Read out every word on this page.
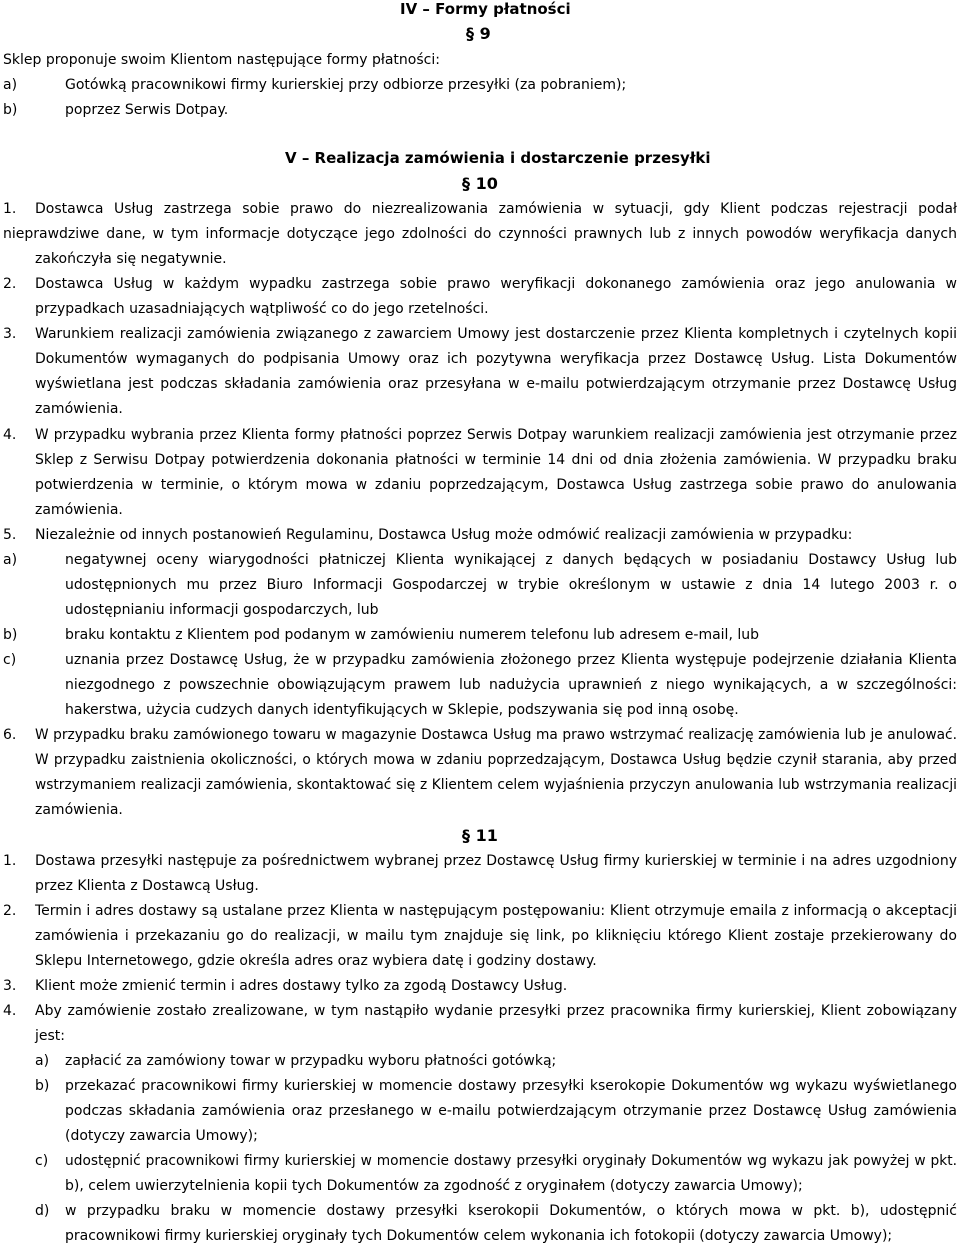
IV – Formy płatności
§ 9
Sklep proponuje swoim Klientom następujące formy płatności:
a)	Gotówką pracownikowi firmy kurierskiej przy odbiorze przesyłki (za pobraniem);
b)	poprzez Serwis Dotpay.
V – Realizacja zamówienia i dostarczenie przesyłki
§ 10
1. Dostawca Usług zastrzega sobie prawo do niezrealizowania zamówienia w sytuacji, gdy Klient podczas rejestracji podał
nieprawdziwe dane, w tym informacje dotyczące jego zdolności do czynności prawnych lub z innych powodów weryfikacja danych
zakończyła się negatywnie.
2. Dostawca Usług w każdym wypadku zastrzega sobie prawo weryfikacji dokonanego zamówienia oraz jego anulowania w
przypadkach uzasadniających wątpliwość co do jego rzetelności.
3. Warunkiem realizacji zamówienia związanego z zawarciem Umowy jest dostarczenie przez Klienta kompletnych i czytelnych kopii
Dokumentów wymaganych do podpisania Umowy oraz ich pozytywna weryfikacja przez Dostawcę Usług. Lista Dokumentów
wyświetlana jest podczas składania zamówienia oraz przesyłana w e-mailu potwierdzającym otrzymanie przez Dostawcę Usług
zamówienia.
4. W przypadku wybrania przez Klienta formy płatności poprzez Serwis Dotpay warunkiem realizacji zamówienia jest otrzymanie przez
Sklep z Serwisu Dotpay potwierdzenia dokonania płatności w terminie 14 dni od dnia złożenia zamówienia. W przypadku braku
potwierdzenia w terminie, o którym mowa w zdaniu poprzedzającym, Dostawca Usług zastrzega sobie prawo do anulowania
zamówienia.
5. Niezależnie od innych postanowień Regulaminu, Dostawca Usług może odmówić realizacji zamówienia w przypadku:
a)	negatywnej oceny wiarygodności płatniczej Klienta wynikającej z danych będących w posiadaniu Dostawcy Usług lub
udostępnionych mu przez Biuro Informacji Gospodarczej w trybie określonym w ustawie z dnia 14 lutego 2003 r. o
udostępnianiu informacji gospodarczych, lub
b)	braku kontaktu z Klientem pod podanym w zamówieniu numerem telefonu lub adresem e-mail, lub
c)	uznania przez Dostawcę Usług, że w przypadku zamówienia złożonego przez Klienta występuje podejrzenie działania Klienta
niezgodnego z powszechnie obowiązującym prawem lub nadużycia uprawnień z niego wynikających, a w szczególności:
hakerstwa, użycia cudzych danych identyfikujących w Sklepie, podszywania się pod inną osobę.
6. W przypadku braku zamówionego towaru w magazynie Dostawca Usług ma prawo wstrzymać realizację zamówienia lub je anulować.
W przypadku zaistnienia okoliczności, o których mowa w zdaniu poprzedzającym, Dostawca Usług będzie czynił starania, aby przed
wstrzymaniem realizacji zamówienia, skontaktować się z Klientem celem wyjaśnienia przyczyn anulowania lub wstrzymania realizacji
zamówienia.
§ 11
1. Dostawa przesyłki następuje za pośrednictwem wybranej przez Dostawcę Usług firmy kurierskiej w terminie i na adres uzgodniony
przez Klienta z Dostawcą Usług.
2. Termin i adres dostawy są ustalane przez Klienta w następującym postępowaniu: Klient otrzymuje emaila z informacją o akceptacji
zamówienia i przekazaniu go do realizacji, w mailu tym znajduje się link, po kliknięciu którego Klient zostaje przekierowany do
Sklepu Internetowego, gdzie określa adres oraz wybiera datę i godziny dostawy.
3. Klient może zmienić termin i adres dostawy tylko za zgodą Dostawcy Usług.
4. Aby zamówienie zostało zrealizowane, w tym nastąpiło wydanie przesyłki przez pracownika firmy kurierskiej, Klient zobowiązany
jest:
a) zapłacić za zamówiony towar w przypadku wyboru płatności gotówką;
b) przekazać pracownikowi firmy kurierskiej w momencie dostawy przesyłki kserokopie Dokumentów wg wykazu wyświetlanego
podczas składania zamówienia oraz przesłanego w e-mailu potwierdzającym otrzymanie przez Dostawcę Usług zamówienia
(dotyczy zawarcia Umowy);
c) udostępnić pracownikowi firmy kurierskiej w momencie dostawy przesyłki oryginały Dokumentów wg wykazu jak powyżej w pkt.
b), celem uwierzytelnienia kopii tych Dokumentów za zgodność z oryginałem (dotyczy zawarcia Umowy);
d) w przypadku braku w momencie dostawy przesyłki kserokopii Dokumentów, o których mowa w pkt. b), udostępnić
pracownikowi firmy kurierskiej oryginały tych Dokumentów celem wykonania ich fotokopii (dotyczy zawarcia Umowy);
